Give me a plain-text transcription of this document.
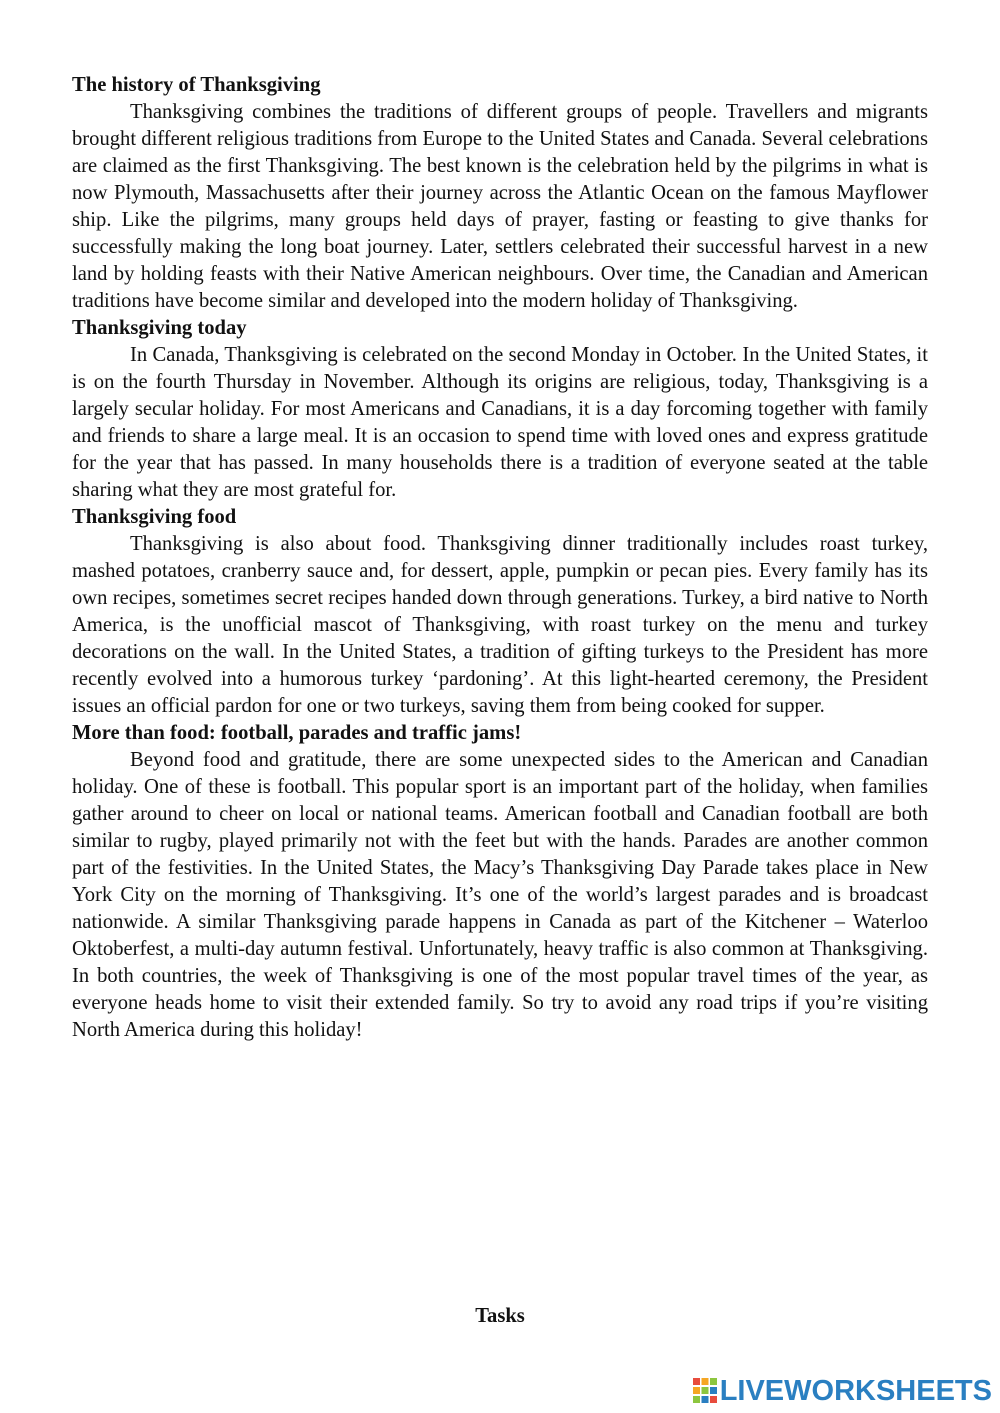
The history of Thanksgiving

Thanksgiving combines the traditions of different groups of people. Travellers and migrants brought different religious traditions from Europe to the United States and Canada. Several celebrations are claimed as the first Thanksgiving. The best known is the celebration held by the pilgrims in what is now Plymouth, Massachusetts after their journey across the Atlantic Ocean on the famous Mayflower ship. Like the pilgrims, many groups held days of prayer, fasting or feasting to give thanks for successfully making the long boat journey. Later, settlers celebrated their successful harvest in a new land by holding feasts with their Native American neighbours. Over time, the Canadian and American traditions have become similar and developed into the modern holiday of Thanksgiving.

Thanksgiving today

In Canada, Thanksgiving is celebrated on the second Monday in October. In the United States, it is on the fourth Thursday in November. Although its origins are religious, today, Thanksgiving is a largely secular holiday. For most Americans and Canadians, it is a day forcoming together with family and friends to share a large meal. It is an occasion to spend time with loved ones and express gratitude for the year that has passed. In many households there is a tradition of everyone seated at the table sharing what they are most grateful for.

Thanksgiving food

Thanksgiving is also about food. Thanksgiving dinner traditionally includes roast turkey, mashed potatoes, cranberry sauce and, for dessert, apple, pumpkin or pecan pies. Every family has its own recipes, sometimes secret recipes handed down through generations. Turkey, a bird native to North America, is the unofficial mascot of Thanksgiving, with roast turkey on the menu and turkey decorations on the wall. In the United States, a tradition of gifting turkeys to the President has more recently evolved into a humorous turkey ‘pardoning’. At this light-hearted ceremony, the President issues an official pardon for one or two turkeys, saving them from being cooked for supper.

More than food: football, parades and traffic jams!

Beyond food and gratitude, there are some unexpected sides to the American and Canadian holiday. One of these is football. This popular sport is an important part of the holiday, when families gather around to cheer on local or national teams. American football and Canadian football are both similar to rugby, played primarily not with the feet but with the hands. Parades are another common part of the festivities. In the United States, the Macy’s Thanksgiving Day Parade takes place in New York City on the morning of Thanksgiving. It’s one of the world’s largest parades and is broadcast nationwide. A similar Thanksgiving parade happens in Canada as part of the Kitchener – Waterloo Oktoberfest, a multi-day autumn festival. Unfortunately, heavy traffic is also common at Thanksgiving. In both countries, the week of Thanksgiving is one of the most popular travel times of the year, as everyone heads home to visit their extended family. So try to avoid any road trips if you’re visiting North America during this holiday!

Tasks
LIVEWORKSHEETS
